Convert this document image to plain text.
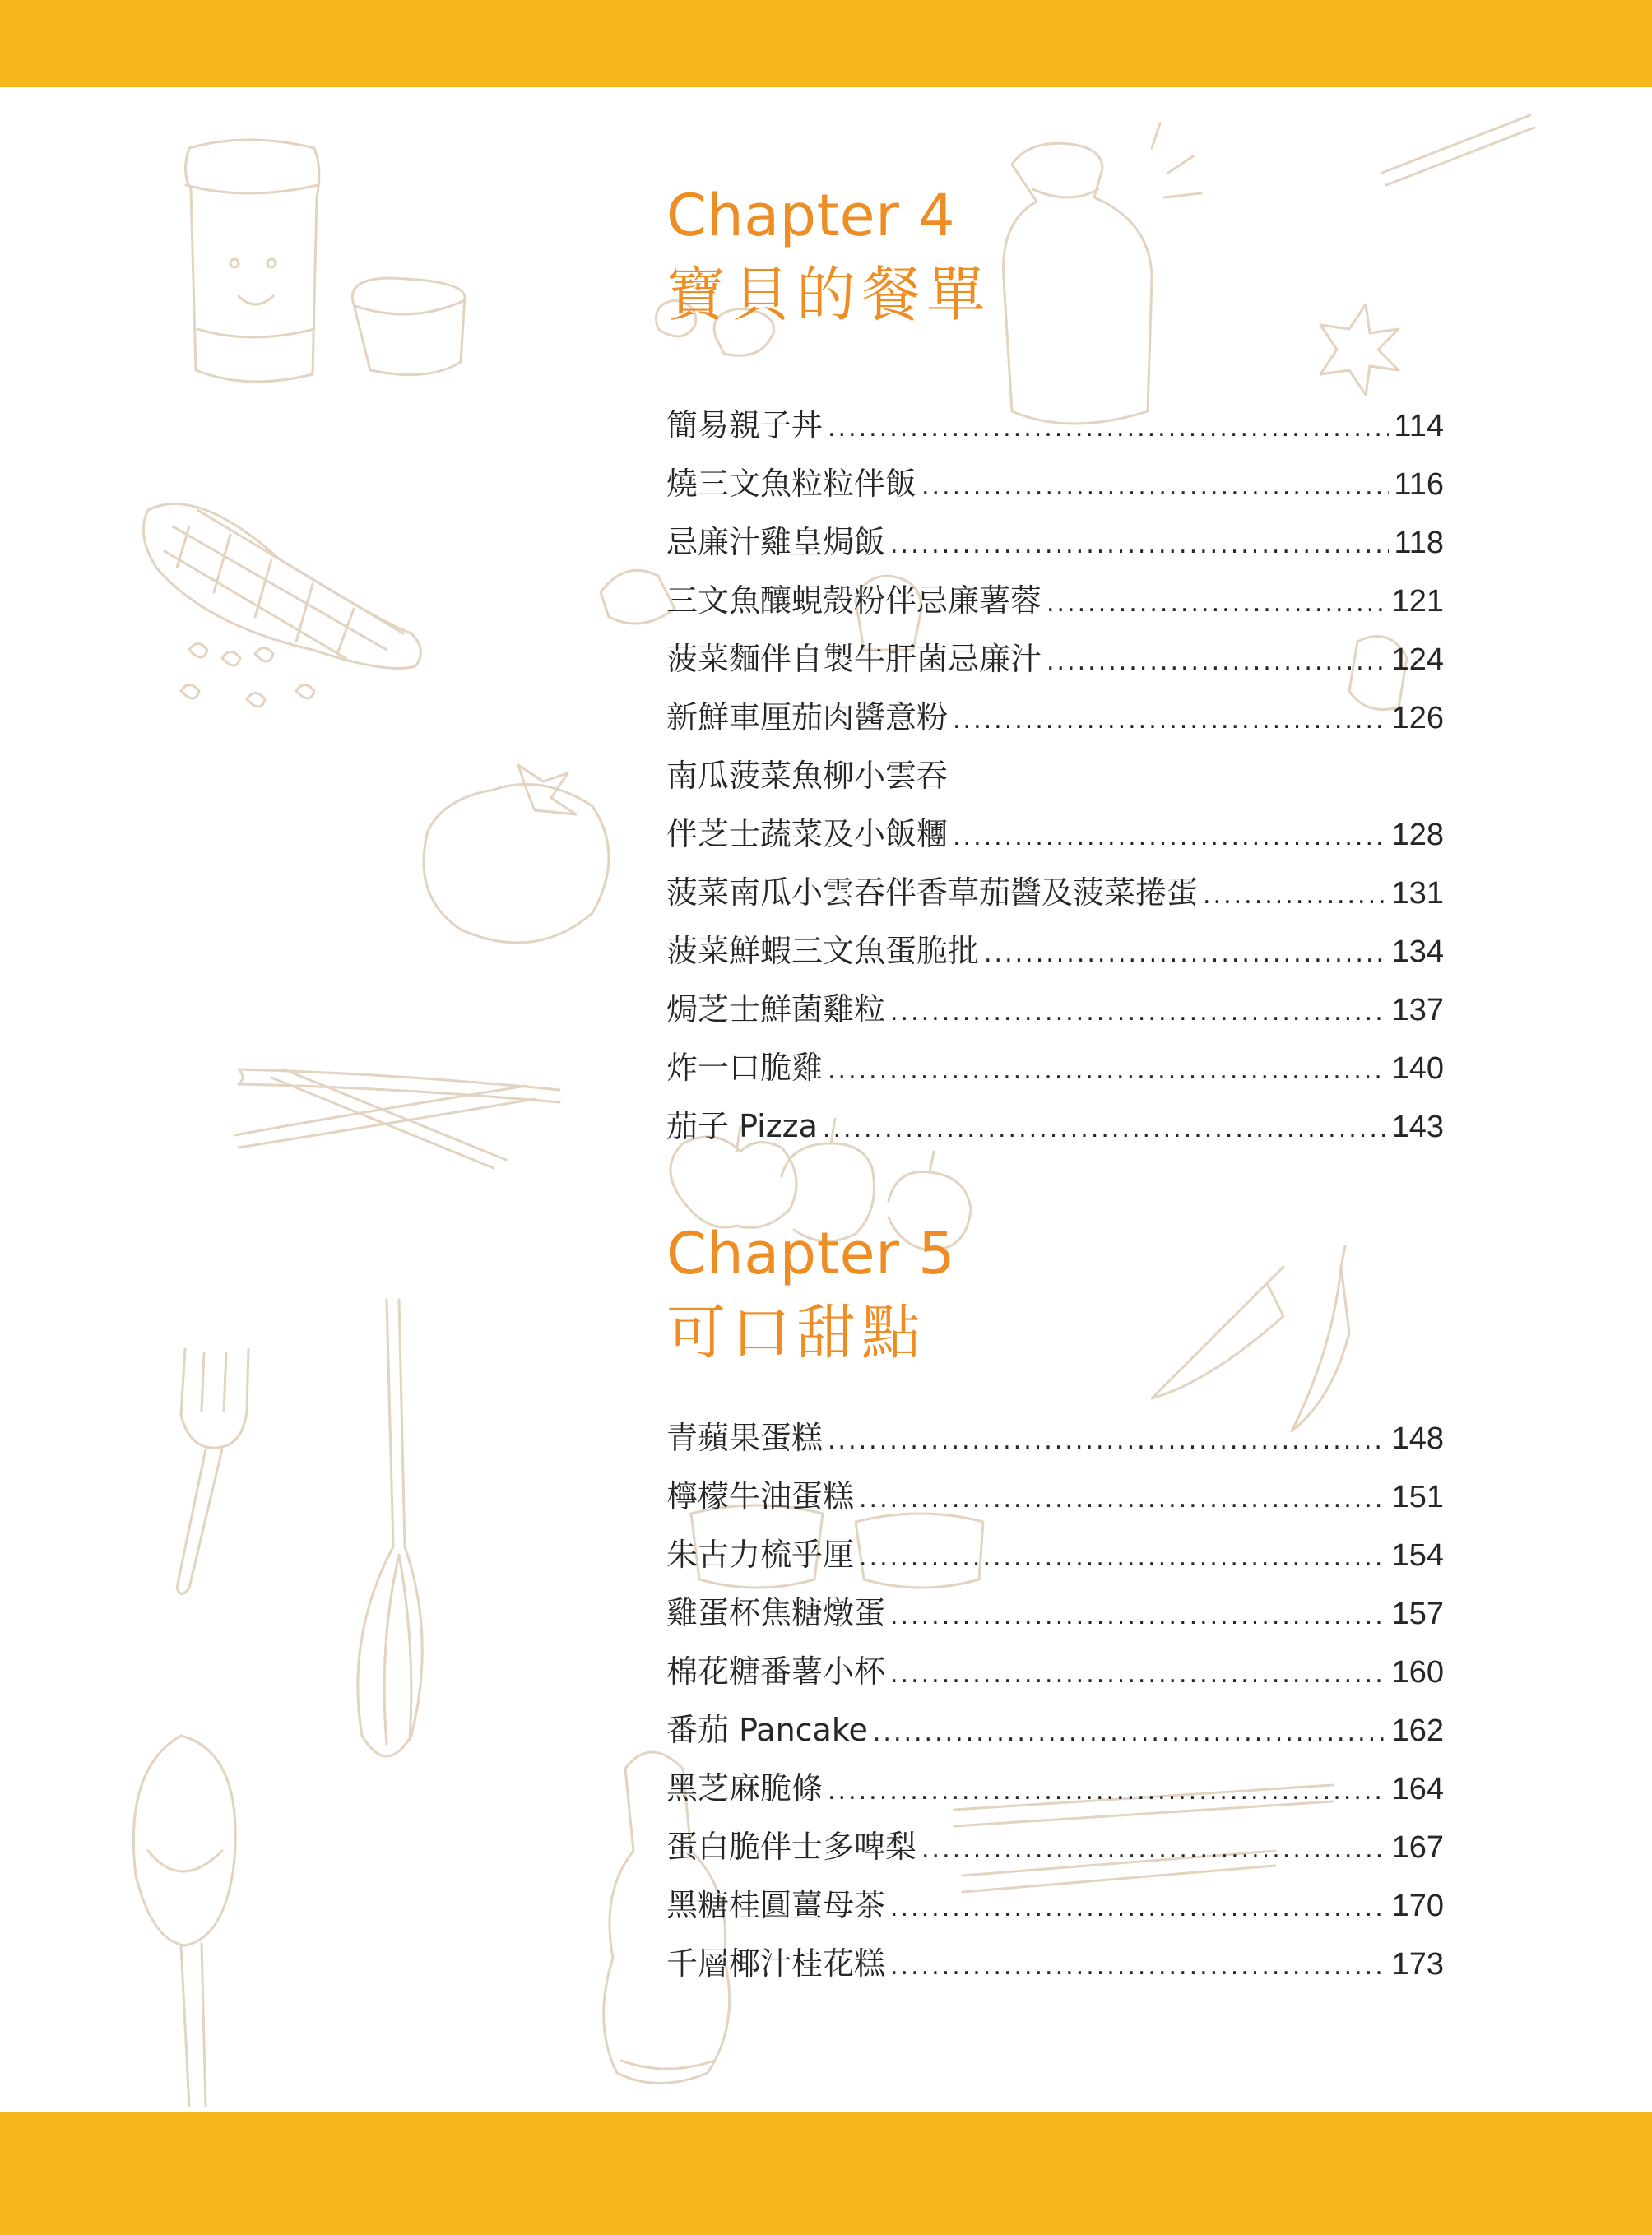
Chapter 4
寶貝的餐單
簡易親子丼 .....	114
燒三文魚粒粒伴飯 .....	116
忌廉汁雞皇焗飯 .....	118
三文魚釀蜆殼粉伴忌廉薯蓉 .....	121
菠菜麵伴自製牛肝菌忌廉汁 .....	124
新鮮車厘茄肉醬意粉 .....	126
南瓜菠菜魚柳小雲吞
伴芝士蔬菜及小飯糰 .....	128
菠菜南瓜小雲吞伴香草茄醬及菠菜捲蛋 .....	131
菠菜鮮蝦三文魚蛋脆批 .....	134
焗芝士鮮菌雞粒 .....	137
炸一口脆雞 .....	140
茄子 Pizza .....	143
Chapter 5
可口甜點
青蘋果蛋糕 .....	148
檸檬牛油蛋糕 .....	151
朱古力梳乎厘 .....	154
雞蛋杯焦糖燉蛋 .....	157
棉花糖番薯小杯 .....	160
番茄 Pancake .....	162
黑芝麻脆條 .....	164
蛋白脆伴士多啤梨 .....	167
黑糖桂圓薑母茶 .....	170
千層椰汁桂花糕 .....	173
